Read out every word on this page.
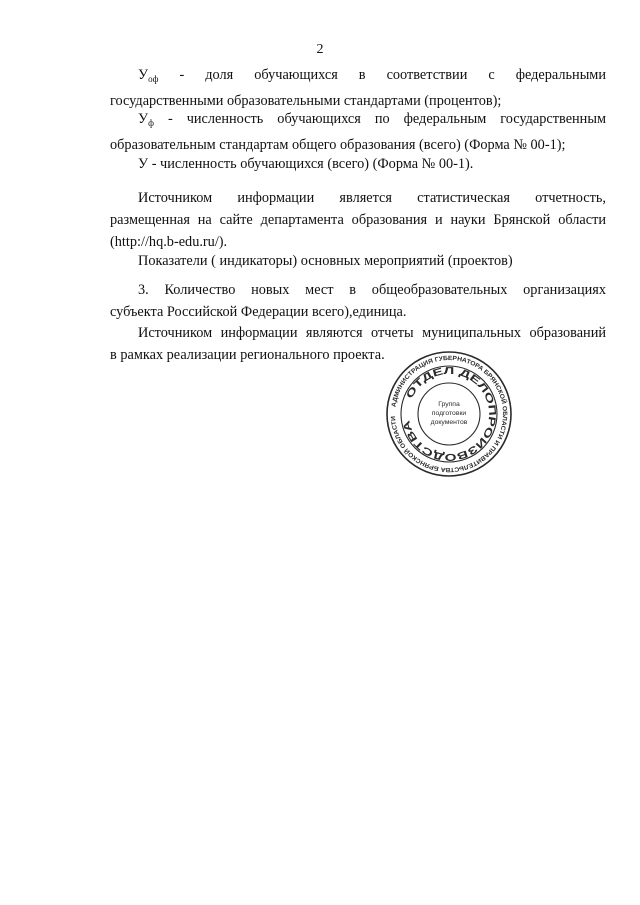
2

$У_{оф}$ - доля обучающихся в соответствии с федеральными
государственными образовательными стандартами (процентов);

$У_ф$ - численность обучающихся по федеральным государственным
образовательным стандартам общего образования (всего) (Форма № 00-1);

У - численность обучающихся (всего) (Форма № 00-1).

Источником информации является статистическая отчетность,
размещенная на сайте департамента образования и науки Брянской области
(http://hq.b-edu.ru/).

Показатели ( индикаторы) основных мероприятий (проектов)

3. Количество новых мест в общеобразовательных организациях
субъекта Российской Федерации всего),единица.

Источником информации являются отчеты муниципальных образований
в рамках реализации регионального проекта.

АДМИНИСТРАЦИЯ ГУБЕРНАТОРА БРЯНСКОЙ ОБЛАСТИ И ПРАВИТЕЛЬСТВА БРЯНСКОЙ ОБЛАСТИ
ОТДЕЛ ДЕЛОПРОИЗВОДСТВА
Группа
подготовки
документов
